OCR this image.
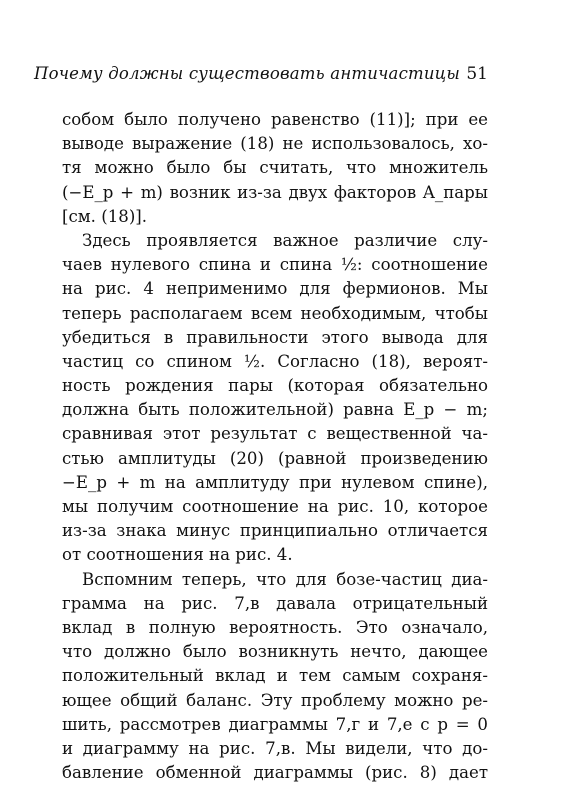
Почему должны существовать античастицы 51
собом было получено равенство (11)]; при ее
выводе выражение (18) не использовалось, хо-
тя можно было бы считать, что множитель
(−E_p + m) возник из-за двух факторов A_пары
[см. (18)].
Здесь проявляется важное различие слу-
чаев нулевого спина и спина ½: соотношение
на рис. 4 неприменимо для фермионов. Мы
теперь располагаем всем необходимым, чтобы
убедиться в правильности этого вывода для
частиц со спином ½. Согласно (18), вероят-
ность рождения пары (которая обязательно
должна быть положительной) равна E_p − m;
сравнивая этот результат с вещественной ча-
стью амплитуды (20) (равной произведению
−E_p + m на амплитуду при нулевом спине),
мы получим соотношение на рис. 10, которое
из-за знака минус принципиально отличается
от соотношения на рис. 4.
Вспомним теперь, что для бозе-частиц диа-
грамма на рис. 7,в давала отрицательный
вклад в полную вероятность. Это означало,
что должно было возникнуть нечто, дающее
положительный вклад и тем самым сохраня-
ющее общий баланс. Эту проблему можно ре-
шить, рассмотрев диаграммы 7,г и 7,е с p = 0
и диаграмму на рис. 7,в. Мы видели, что до-
бавление обменной диаграммы (рис. 8) дает
